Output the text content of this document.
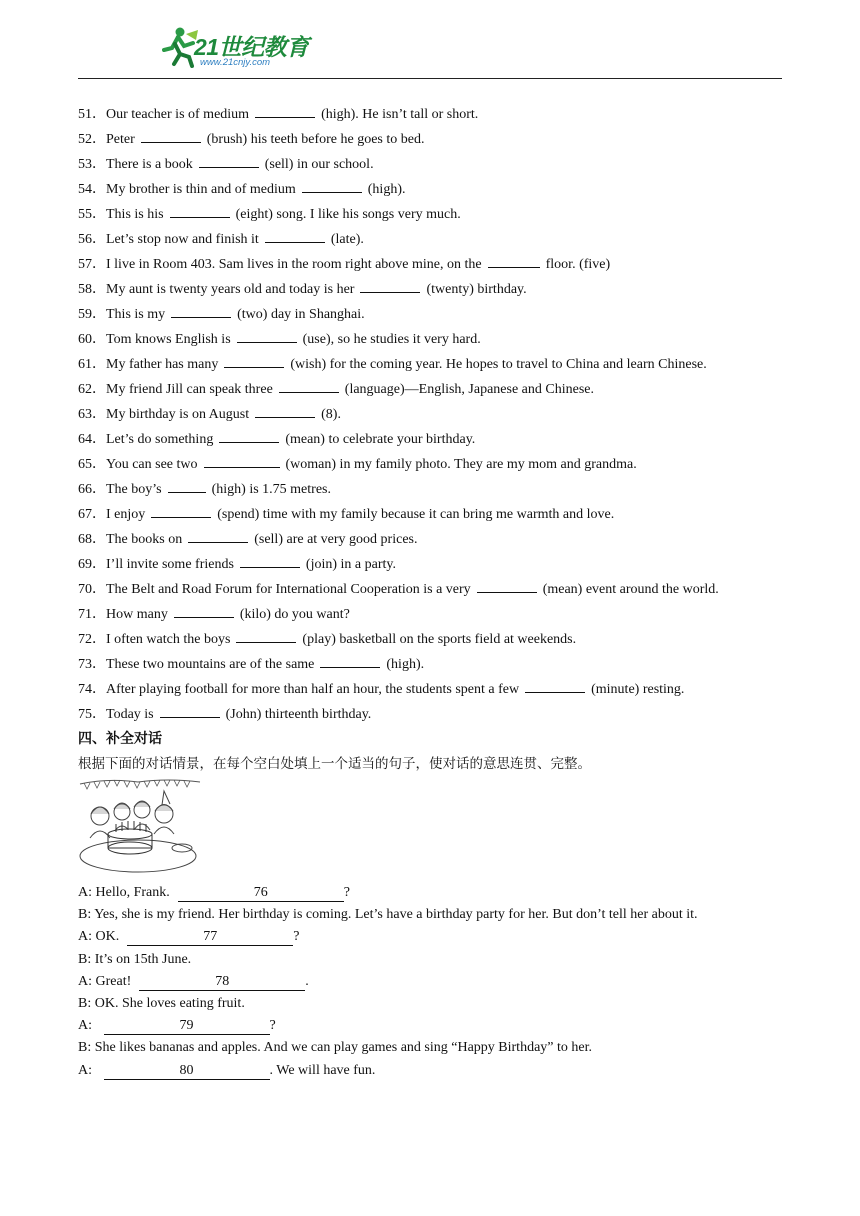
21世纪教育
www.21cnjy.com
51．Our teacher is of medium	(high). He isn’t tall or short.
52．Peter	(brush) his teeth before he goes to bed.
53．There is a book	(sell) in our school.
54．My brother is thin and of medium	(high).
55．This is his	(eight) song. I like his songs very much.
56．Let’s stop now and finish it	(late).
57．I live in Room 403. Sam lives in the room right above mine, on the	floor. (five)
58．My aunt is twenty years old and today is her	(twenty) birthday.
59．This is my	(two) day in Shanghai.
60．Tom knows English is	(use), so he studies it very hard.
61．My father has many	(wish) for the coming year. He hopes to travel to China and learn Chinese.
62．My friend Jill can speak three	(language)—English, Japanese and Chinese.
63．My birthday is on August	(8).
64．Let’s do something	(mean) to celebrate your birthday.
65．You can see two	(woman) in my family photo. They are my mom and grandma.
66．The boy’s	(high) is 1.75 metres.
67．I enjoy	(spend) time with my family because it can bring me warmth and love.
68．The books on	(sell) are at very good prices.
69．I’ll invite some friends	(join) in a party.
70．The Belt and Road Forum for International Cooperation is a very	(mean) event around the world.
71．How many	(kilo) do you want?
72．I often watch the boys	(play) basketball on the sports field at weekends.
73．These two mountains are of the same	(high).
74．After playing football for more than half an hour, the students spent a few	(minute) resting.
75．Today is	(John) thirteenth birthday.
四、补全对话
根据下面的对话情景，在每个空白处填上一个适当的句子，使对话的意思连贯、完整。
A: Hello, Frank.	76	?
B: Yes, she is my friend. Her birthday is coming. Let’s have a birthday party for her. But don’t tell her about it.
A: OK.	77	?
B: It’s on 15th June.
A: Great!	78	.
B: OK. She loves eating fruit.
A:	79	?
B: She likes bananas and apples. And we can play games and sing “Happy Birthday” to her.
A:	80	. We will have fun.
